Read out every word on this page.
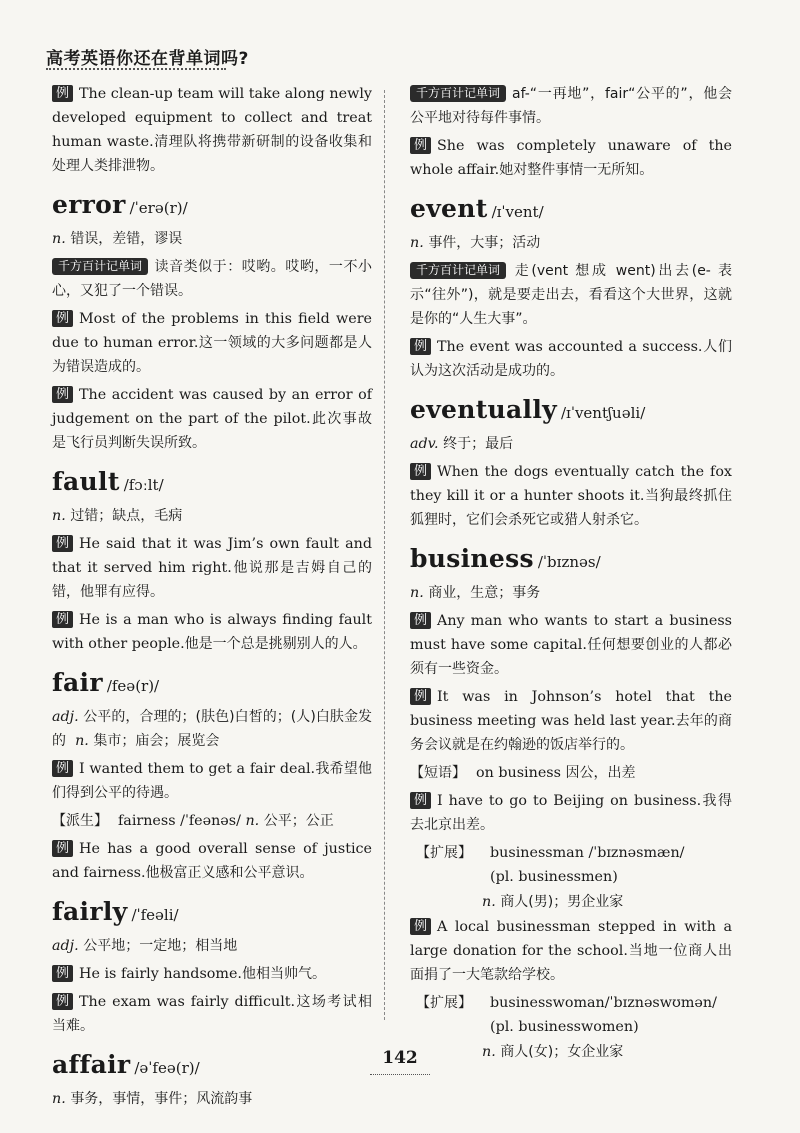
高考英语你还在背单词吗?

例 The clean-up team will take along newly developed equipment to collect and treat human waste.清理队将携带新研制的设备收集和处理人类排泄物。

error /ˈerə(r)/

n. 错误，差错，谬误

千方百计记单词 读音类似于：哎哟。哎哟，一不小心，又犯了一个错误。

例 Most of the problems in this field were due to human error.这一领域的大多问题都是人为错误造成的。

例 The accident was caused by an error of judgement on the part of the pilot.此次事故是飞行员判断失误所致。

fault /fɔːlt/

n. 过错；缺点，毛病

例 He said that it was Jim’s own fault and that it served him right.他说那是吉姆自己的错，他罪有应得。

例 He is a man who is always finding fault with other people.他是一个总是挑剔别人的人。

fair /feə(r)/

adj. 公平的，合理的；(肤色)白皙的；(人)白肤金发的 n. 集市；庙会；展览会

例 I wanted them to get a fair deal.我希望他们得到公平的待遇。

【派生】 fairness /ˈfeənəs/ n. 公平；公正

例 He has a good overall sense of justice and fairness.他极富正义感和公平意识。

fairly /ˈfeəli/

adj. 公平地；一定地；相当地

例 He is fairly handsome.他相当帅气。

例 The exam was fairly difficult.这场考试相当难。

affair /əˈfeə(r)/

n. 事务，事情，事件；风流韵事

千方百计记单词 af-“一再地”，fair“公平的”，他会公平地对待每件事情。

例 She was completely unaware of the whole affair.她对整件事情一无所知。

event /ɪˈvent/

n. 事件，大事；活动

千方百计记单词 走(vent 想成 went)出去(e- 表示“往外”)，就是要走出去，看看这个大世界，这就是你的“人生大事”。

例 The event was accounted a success.人们认为这次活动是成功的。

eventually /ɪˈventʃuəli/

adv. 终于；最后

例 When the dogs eventually catch the fox they kill it or a hunter shoots it.当狗最终抓住狐狸时，它们会杀死它或猎人射杀它。

business /ˈbɪznəs/

n. 商业，生意；事务

例 Any man who wants to start a business must have some capital.任何想要创业的人都必须有一些资金。

例 It was in Johnson’s hotel that the business meeting was held last year.去年的商务会议就是在约翰逊的饭店举行的。

【短语】 on business 因公，出差

例 I have to go to Beijing on business.我得去北京出差。

【扩展】	businessman /ˈbɪznəsmæn/
(pl. businessmen)
n. 商人(男)；男企业家

例 A local businessman stepped in with a large donation for the school.当地一位商人出面捐了一大笔款给学校。

【扩展】	businesswoman/ˈbɪznəswʊmən/
(pl. businesswomen)
n. 商人(女)；女企业家
142
